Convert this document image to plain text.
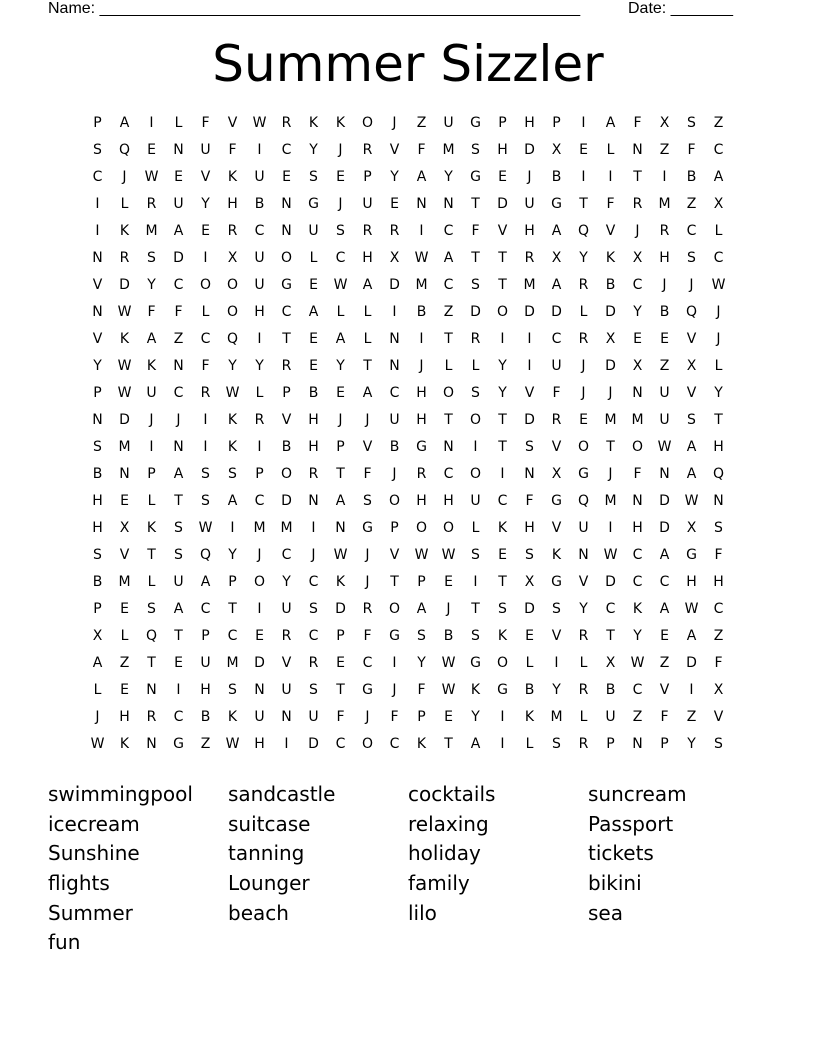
Name: ______________________________________________________	Date: _______
Summer Sizzler
P	A	I	L	F	V	W	R	K	K	O	J	Z	U	G	P	H	P	I	A	F	X	S	Z
S	Q	E	N	U	F	I	C	Y	J	R	V	F	M	S	H	D	X	E	L	N	Z	F	C
C	J	W	E	V	K	U	E	S	E	P	Y	A	Y	G	E	J	B	I	I	T	I	B	A
I	L	R	U	Y	H	B	N	G	J	U	E	N	N	T	D	U	G	T	F	R	M	Z	X
I	K	M	A	E	R	C	N	U	S	R	R	I	C	F	V	H	A	Q	V	J	R	C	L
N	R	S	D	I	X	U	O	L	C	H	X	W	A	T	T	R	X	Y	K	X	H	S	C
V	D	Y	C	O	O	U	G	E	W	A	D	M	C	S	T	M	A	R	B	C	J	J	W
N	W	F	F	L	O	H	C	A	L	L	I	B	Z	D	O	D	D	L	D	Y	B	Q	J
V	K	A	Z	C	Q	I	T	E	A	L	N	I	T	R	I	I	C	R	X	E	E	V	J
Y	W	K	N	F	Y	Y	R	E	Y	T	N	J	L	L	Y	I	U	J	D	X	Z	X	L
P	W	U	C	R	W	L	P	B	E	A	C	H	O	S	Y	V	F	J	J	N	U	V	Y
N	D	J	J	I	K	R	V	H	J	J	U	H	T	O	T	D	R	E	M	M	U	S	T
S	M	I	N	I	K	I	B	H	P	V	B	G	N	I	T	S	V	O	T	O	W	A	H
B	N	P	A	S	S	P	O	R	T	F	J	R	C	O	I	N	X	G	J	F	N	A	Q
H	E	L	T	S	A	C	D	N	A	S	O	H	H	U	C	F	G	Q	M	N	D	W	N
H	X	K	S	W	I	M	M	I	N	G	P	O	O	L	K	H	V	U	I	H	D	X	S
S	V	T	S	Q	Y	J	C	J	W	J	V	W W	S	E	S	K	N	W	C	A	G	F
B	M	L	U	A	P	O	Y	C	K	J	T	P	E	I	T	X	G	V	D	C	C	H	H
P	E	S	A	C	T	I	U	S	D	R	O	A	J	T	S	D	S	Y	C	K	A	W	C
X	L	Q	T	P	C	E	R	C	P	F	G	S	B	S	K	E	V	R	T	Y	E	A	Z
A	Z	T	E	U	M	D	V	R	E	C	I	Y	W	G	O	L	I	L	X	W	Z	D	F
L	E	N	I	H	S	N	U	S	T	G	J	F	W	K	G	B	Y	R	B	C	V	I	X
J	H	R	C	B	K	U	N	U	F	J	F	P	E	Y	I	K	M	L	U	Z	F	Z	V
W	K	N	G	Z	W	H	I	D	C	O	C	K	T	A	I	L	S	R	P	N	P	Y	S
swimmingpool	sandcastle	cocktails	suncream
icecream	suitcase	relaxing	Passport
Sunshine	tanning	holiday	tickets
flights	Lounger	family	bikini
Summer	beach	lilo	sea
fun
